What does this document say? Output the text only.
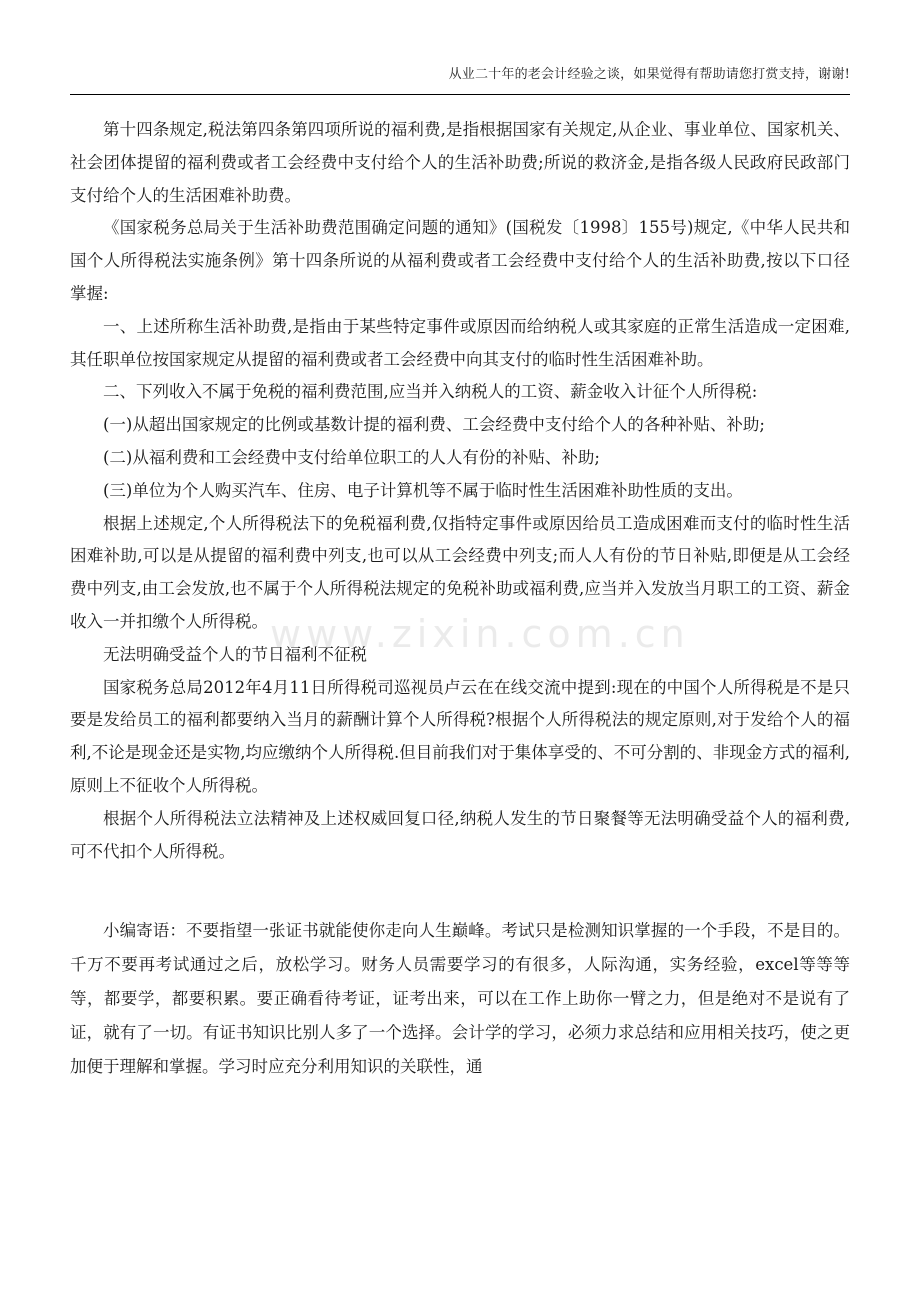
从业二十年的老会计经验之谈，如果觉得有帮助请您打赏支持，谢谢!
www.zixin.com.cn

第十四条规定,税法第四条第四项所说的福利费,是指根据国家有关规定,从企业、事业单位、国家机关、社会团体提留的福利费或者工会经费中支付给个人的生活补助费;所说的救济金,是指各级人民政府民政部门支付给个人的生活困难补助费。

《国家税务总局关于生活补助费范围确定问题的通知》(国税发〔1998〕155号)规定,《中华人民共和国个人所得税法实施条例》第十四条所说的从福利费或者工会经费中支付给个人的生活补助费,按以下口径掌握:

一、上述所称生活补助费,是指由于某些特定事件或原因而给纳税人或其家庭的正常生活造成一定困难,其任职单位按国家规定从提留的福利费或者工会经费中向其支付的临时性生活困难补助。

二、下列收入不属于免税的福利费范围,应当并入纳税人的工资、薪金收入计征个人所得税:

(一)从超出国家规定的比例或基数计提的福利费、工会经费中支付给个人的各种补贴、补助;

(二)从福利费和工会经费中支付给单位职工的人人有份的补贴、补助;

(三)单位为个人购买汽车、住房、电子计算机等不属于临时性生活困难补助性质的支出。

根据上述规定,个人所得税法下的免税福利费,仅指特定事件或原因给员工造成困难而支付的临时性生活困难补助,可以是从提留的福利费中列支,也可以从工会经费中列支;而人人有份的节日补贴,即便是从工会经费中列支,由工会发放,也不属于个人所得税法规定的免税补助或福利费,应当并入发放当月职工的工资、薪金收入一并扣缴个人所得税。

无法明确受益个人的节日福利不征税

国家税务总局2012年4月11日所得税司巡视员卢云在在线交流中提到:现在的中国个人所得税是不是只要是发给员工的福利都要纳入当月的薪酬计算个人所得税?根据个人所得税法的规定原则,对于发给个人的福利,不论是现金还是实物,均应缴纳个人所得税.但目前我们对于集体享受的、不可分割的、非现金方式的福利,原则上不征收个人所得税。

根据个人所得税法立法精神及上述权威回复口径,纳税人发生的节日聚餐等无法明确受益个人的福利费,可不代扣个人所得税。

小编寄语：不要指望一张证书就能使你走向人生巅峰。考试只是检测知识掌握的一个手段，不是目的。千万不要再考试通过之后，放松学习。财务人员需要学习的有很多，人际沟通，实务经验，excel等等等等，都要学，都要积累。要正确看待考证，证考出来，可以在工作上助你一臂之力，但是绝对不是说有了证，就有了一切。有证书知识比别人多了一个选择。会计学的学习，必须力求总结和应用相关技巧，使之更加便于理解和掌握。学习时应充分利用知识的关联性，通
